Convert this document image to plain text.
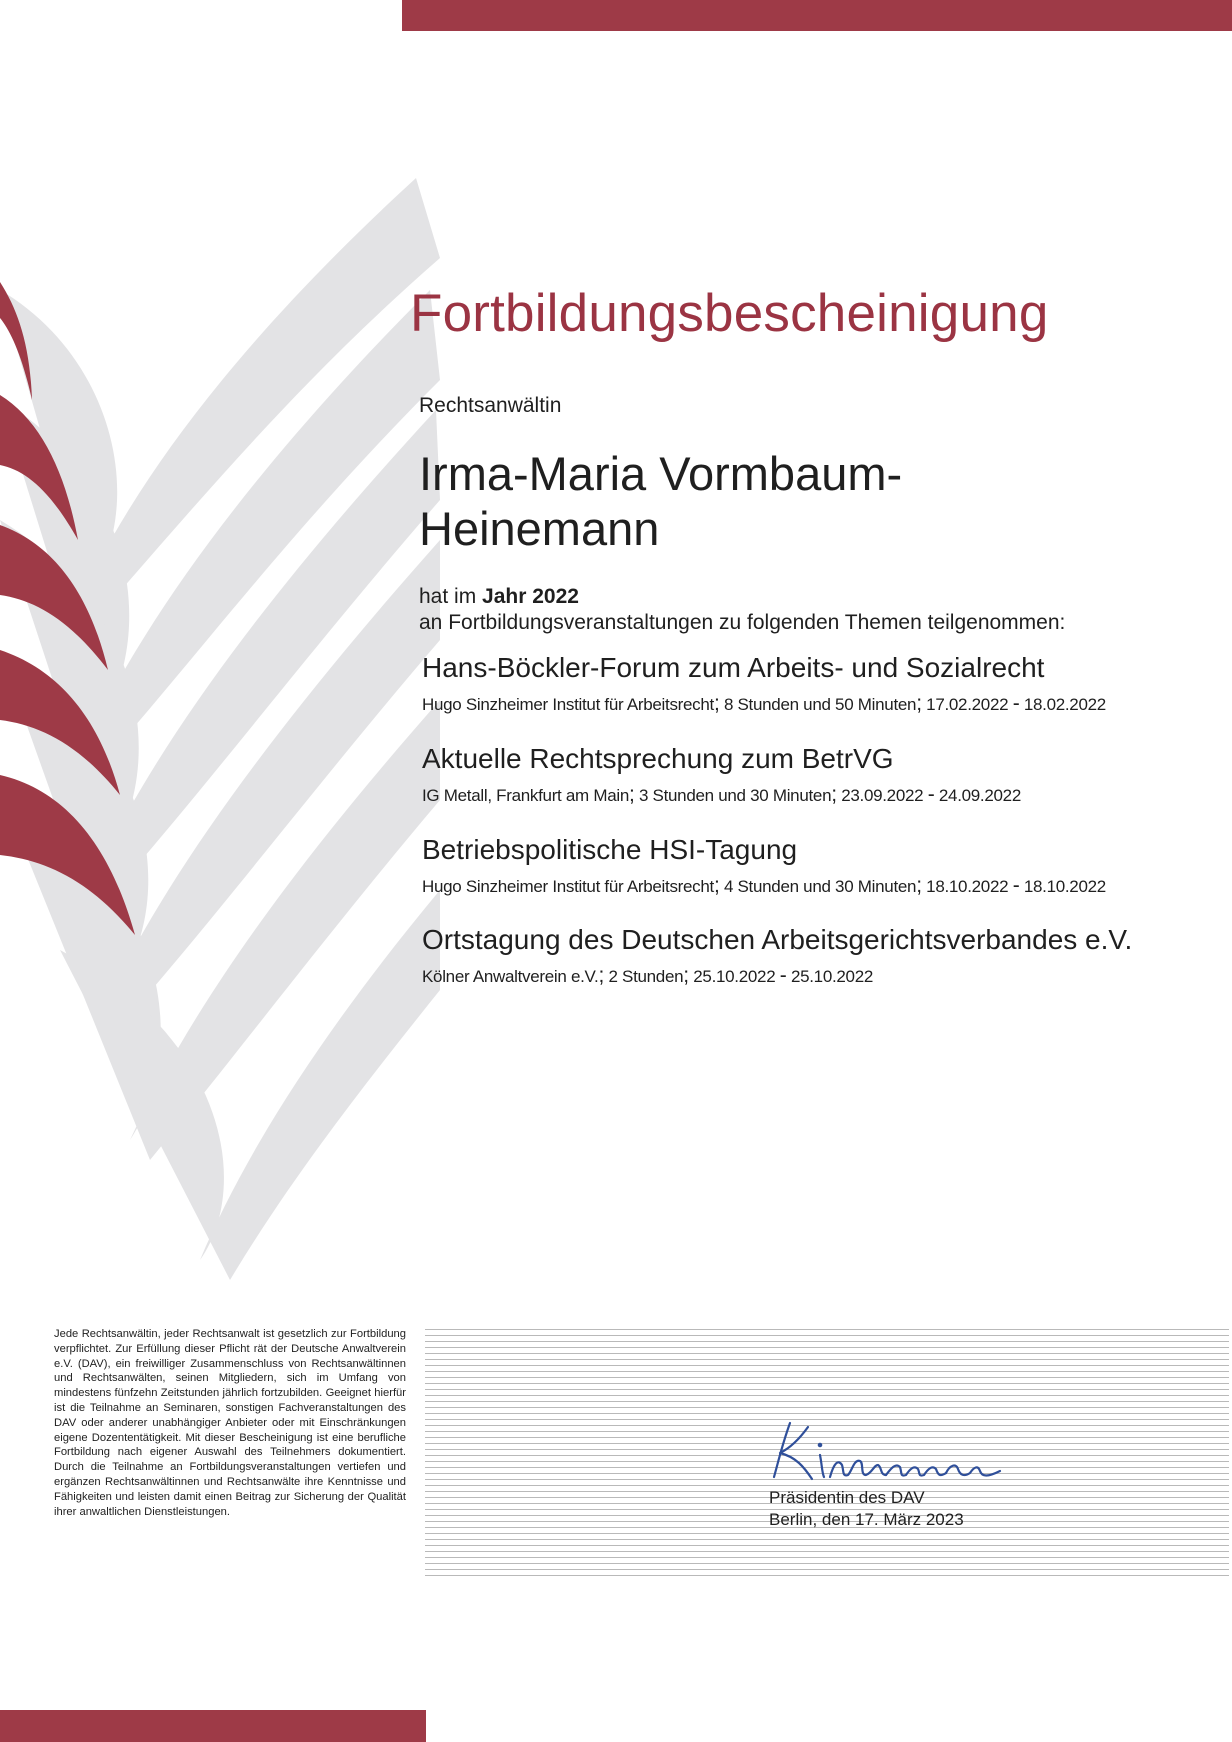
Fortbildungsbescheinigung
Rechtsanwältin
Irma-Maria Vormbaum-
Heinemann
hat im Jahr 2022
an Fortbildungsveranstaltungen zu folgenden Themen teilgenommen:
Hans-Böckler-Forum zum Arbeits- und Sozialrecht
Hugo Sinzheimer Institut für Arbeitsrecht; 8 Stunden und 50 Minuten; 17.02.2022 - 18.02.2022
Aktuelle Rechtsprechung zum BetrVG
IG Metall, Frankfurt am Main; 3 Stunden und 30 Minuten; 23.09.2022 - 24.09.2022
Betriebspolitische HSI-Tagung
Hugo Sinzheimer Institut für Arbeitsrecht; 4 Stunden und 30 Minuten; 18.10.2022 - 18.10.2022
Ortstagung des Deutschen Arbeitsgerichtsverbandes e.V.
Kölner Anwaltverein e.V.; 2 Stunden; 25.10.2022 - 25.10.2022

Jede Rechtsanwältin, jeder Rechtsanwalt ist gesetzlich zur Fortbildung verpflichtet. Zur Erfüllung dieser Pflicht rät der Deutsche Anwaltverein e.V. (DAV), ein freiwilliger Zusammenschluss von Rechtsanwältinnen und Rechtsanwälten, seinen Mitgliedern, sich im Umfang von mindestens fünfzehn Zeitstunden jährlich fortzubilden. Geeignet hierfür ist die Teilnahme an Seminaren, sonstigen Fachveranstaltungen des DAV oder anderer unabhängiger Anbieter oder mit Einschränkungen eigene Dozententätigkeit. Mit dieser Bescheinigung ist eine berufliche Fortbildung nach eigener Auswahl des Teilnehmers dokumentiert. Durch die Teilnahme an Fortbildungsveranstaltungen vertiefen und ergänzen Rechtsanwältinnen und Rechtsanwälte ihre Kenntnisse und Fähigkeiten und leisten damit einen Beitrag zur Sicherung der Qualität ihrer anwaltlichen Dienstleistungen.

Präsidentin des DAV
Berlin, den 17. März 2023
